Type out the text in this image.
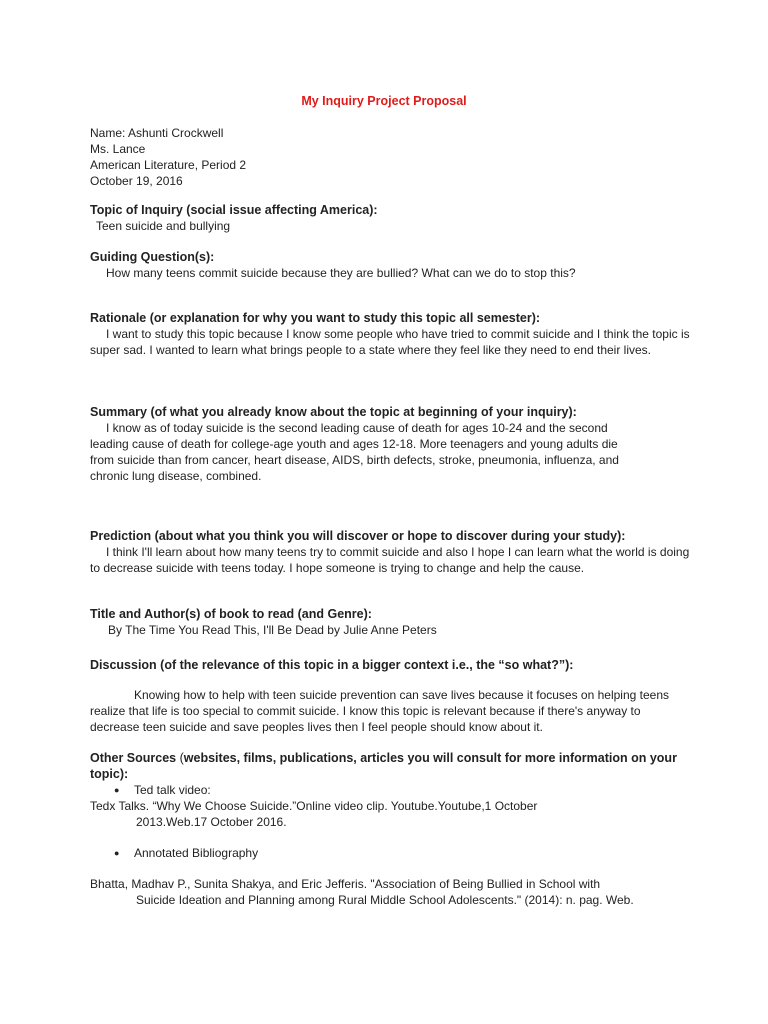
My Inquiry Project Proposal
Name: Ashunti Crockwell
Ms. Lance
American Literature, Period 2
October 19, 2016
Topic of Inquiry (social issue affecting America):
Teen suicide and bullying
Guiding Question(s):
How many teens commit suicide because they are bullied? What can we do to stop this?
Rationale (or explanation for why you want to study this topic all semester):
I want to study this topic because I know some people who have tried to commit suicide and I think the topic is super sad. I wanted to learn what brings people to a state where they feel like they need to end their lives.
Summary (of what you already know about the topic at beginning of your inquiry):
I know as of today suicide is the second leading cause of death for ages 10-24 and the second leading cause of death for college-age youth and ages 12-18. More teenagers and young adults die from suicide than from cancer, heart disease, AIDS, birth defects, stroke, pneumonia, influenza, and chronic lung disease, combined.
Prediction (about what you think you will discover or hope to discover during your study):
I think I'll learn about how many teens try to commit suicide and also I hope I can learn what the world is doing to decrease suicide with teens today. I hope someone is trying to change and help the cause.
Title and Author(s) of book to read (and Genre):
By The Time You Read This, I'll Be Dead by Julie Anne Peters
Discussion (of the relevance of this topic in a bigger context i.e., the “so what?”):
Knowing how to help with teen suicide prevention can save lives because it focuses on helping teens realize that life is too special to commit suicide. I know this topic is relevant because if there's anyway to decrease teen suicide and save peoples lives then I feel people should know about it.
Other Sources (websites, films, publications, articles you will consult for more information on your topic):
● Ted talk video:
Tedx Talks. “Why We Choose Suicide.”Online video clip. Youtube.Youtube,1 October
2013.Web.17 October 2016.
● Annotated Bibliography
Bhatta, Madhav P., Sunita Shakya, and Eric Jefferis. "Association of Being Bullied in School with
Suicide Ideation and Planning among Rural Middle School Adolescents." (2014): n. pag. Web.
